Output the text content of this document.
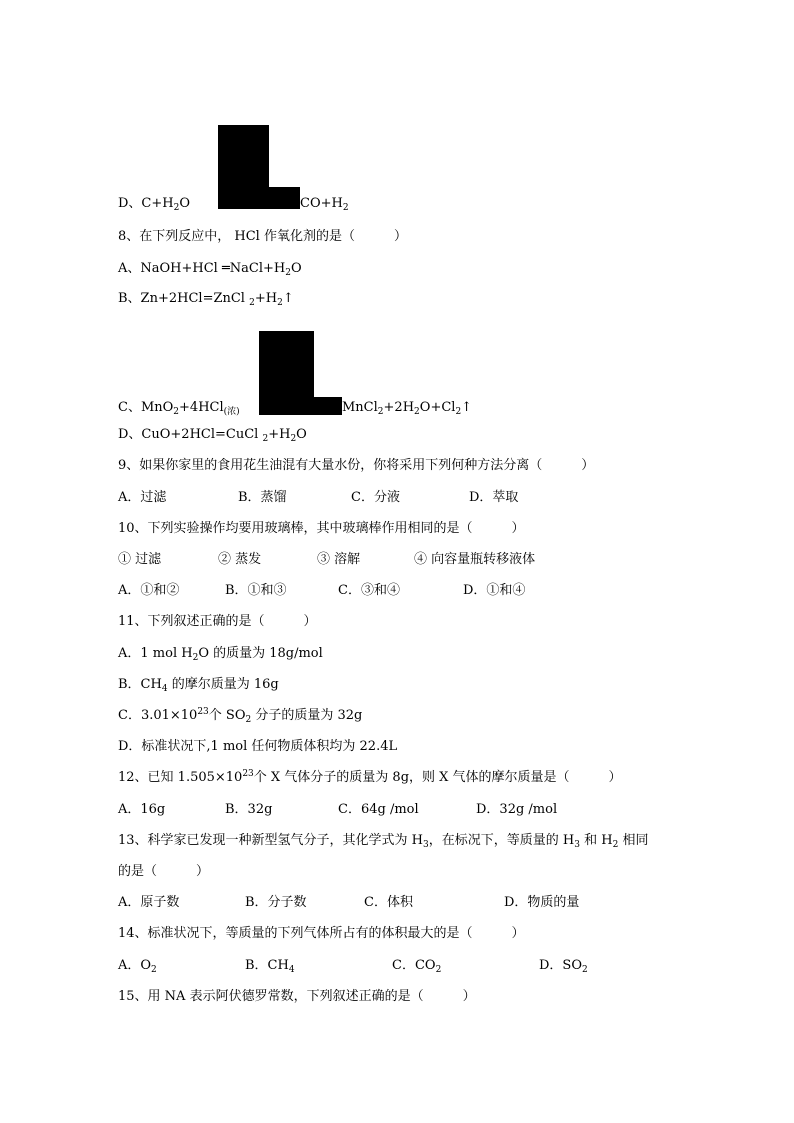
D、$C+H_2O$	$CO+H_2$
8、在下列反应中， HCl 作氧化剂的是（　　　）
A、NaOH+HCl $═NaCl+H_2O$
B、Zn+2HCl=ZnCl $_2+H_2↑$
C、MnO$_2$+4HCl$_{(浓)}$	$MnCl_2+2H_2O+Cl_2↑$
D、CuO+2HCl=CuCl $_2+H_2O$
9、如果你家里的食用花生油混有大量水份，你将采用下列何种方法分离（　　　）
A．过滤	B．蒸馏	C．分液	D．萃取
10、下列实验操作均要用玻璃棒，其中玻璃棒作用相同的是（　　　）
① 过滤	② 蒸发	③ 溶解	④ 向容量瓶转移液体
A．①和②	B．①和③	C．③和④	D．①和④
11、下列叙述正确的是（　　　）
A．1 mol $H_2O$ 的质量为 18g/mol
B．$CH_4$ 的摩尔质量为 16g
C．$3.01\times 10^{23}$个 $SO_2$ 分子的质量为 32g
D．标准状况下,1 mol 任何物质体积均为 22.4L
12、已知 $1.505\times 10^{23}$个 X 气体分子的质量为 8g，则 X 气体的摩尔质量是（　　　）
A．16g	B．32g	C．64g /mol	D．32g /mol
13、科学家已发现一种新型氢气分子，其化学式为 $H_3$，在标况下，等质量的 $H_3$ 和 $H_2$ 相同
的是（　　　）
A．原子数	B．分子数	C．体积	D．物质的量
14、标准状况下，等质量的下列气体所占有的体积最大的是（　　　）
A．$O_2$	B．$CH_4$	C．$CO_2$	D．$SO_2$
15、用 NA 表示阿伏德罗常数，下列叙述正确的是（　　　）
